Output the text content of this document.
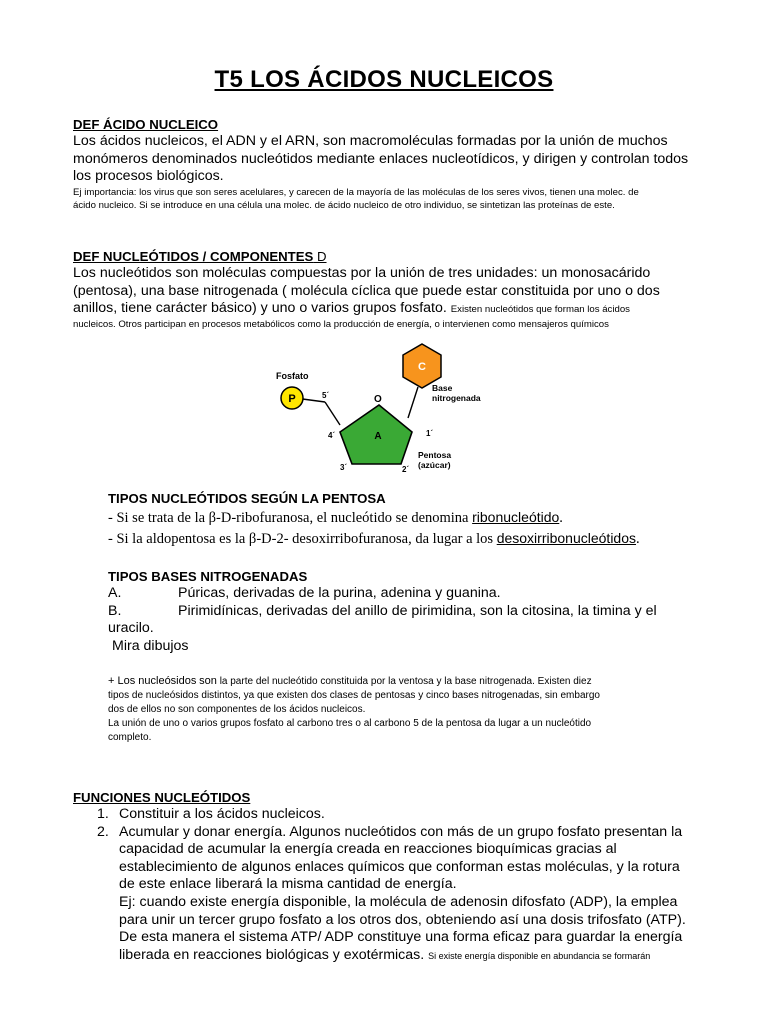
T5 LOS ÁCIDOS NUCLEICOS
DEF ÁCIDO NUCLEICO
Los ácidos nucleicos, el ADN y el ARN, son macromoléculas formadas por la unión de muchos
monómeros denominados nucleótidos mediante enlaces nucleotídicos, y dirigen y controlan todos
los procesos biológicos.
Ej importancia: los virus que son seres acelulares, y carecen de la mayoría de las moléculas de los seres vivos, tienen una molec. de
ácido nucleico. Si se introduce en una célula una molec. de ácido nucleico de otro individuo, se sintetizan las proteínas de este.
DEF NUCLEÓTIDOS / COMPONENTES D
Los nucleótidos son moléculas compuestas por la unión de tres unidades: un monosacárido
(pentosa), una base nitrogenada ( molécula cíclica que puede estar constituida por uno o dos
anillos, tiene carácter básico) y uno o varios grupos fosfato. Existen nucleótidos que forman los ácidos
nucleicos. Otros participan en procesos metabólicos como la producción de energía, o intervienen como mensajeros químicos
P
C
A
Fosfato
5´	O
4´	1´
3´	2´
Base
nitrogenada
Pentosa
(azúcar)
TIPOS NUCLEÓTIDOS SEGÚN LA PENTOSA
- Si se trata de la β-D-ribofuranosa, el nucleótido se denomina ribonucleótido.
- Si la aldopentosa es la β-D-2- desoxirribofuranosa, da lugar a los desoxirribonucleótidos.
TIPOS BASES NITROGENADAS
A.	Púricas, derivadas de la purina, adenina y guanina.
B.	Pirimidínicas, derivadas del anillo de pirimidina, son la citosina, la timina y el
uracilo.
Mira dibujos
+ Los nucleósidos son la parte del nucleótido constituida por la ventosa y la base nitrogenada. Existen diez
tipos de nucleósidos distintos, ya que existen dos clases de pentosas y cinco bases nitrogenadas, sin embargo
dos de ellos no son componentes de los ácidos nucleicos.
La unión de uno o varios grupos fosfato al carbono tres o al carbono 5 de la pentosa da lugar a un nucleótido
completo.
FUNCIONES NUCLEÓTIDOS
1. Constituir a los ácidos nucleicos.
2. Acumular y donar energía. Algunos nucleótidos con más de un grupo fosfato presentan la
capacidad de acumular la energía creada en reacciones bioquímicas gracias al
establecimiento de algunos enlaces químicos que conforman estas moléculas, y la rotura
de este enlace liberará la misma cantidad de energía.
Ej: cuando existe energía disponible, la molécula de adenosin difosfato (ADP), la emplea
para unir un tercer grupo fosfato a los otros dos, obteniendo así una dosis trifosfato (ATP).
De esta manera el sistema ATP/ ADP constituye una forma eficaz para guardar la energía
liberada en reacciones biológicas y exotérmicas. Si existe energía disponible en abundancia se formarán
